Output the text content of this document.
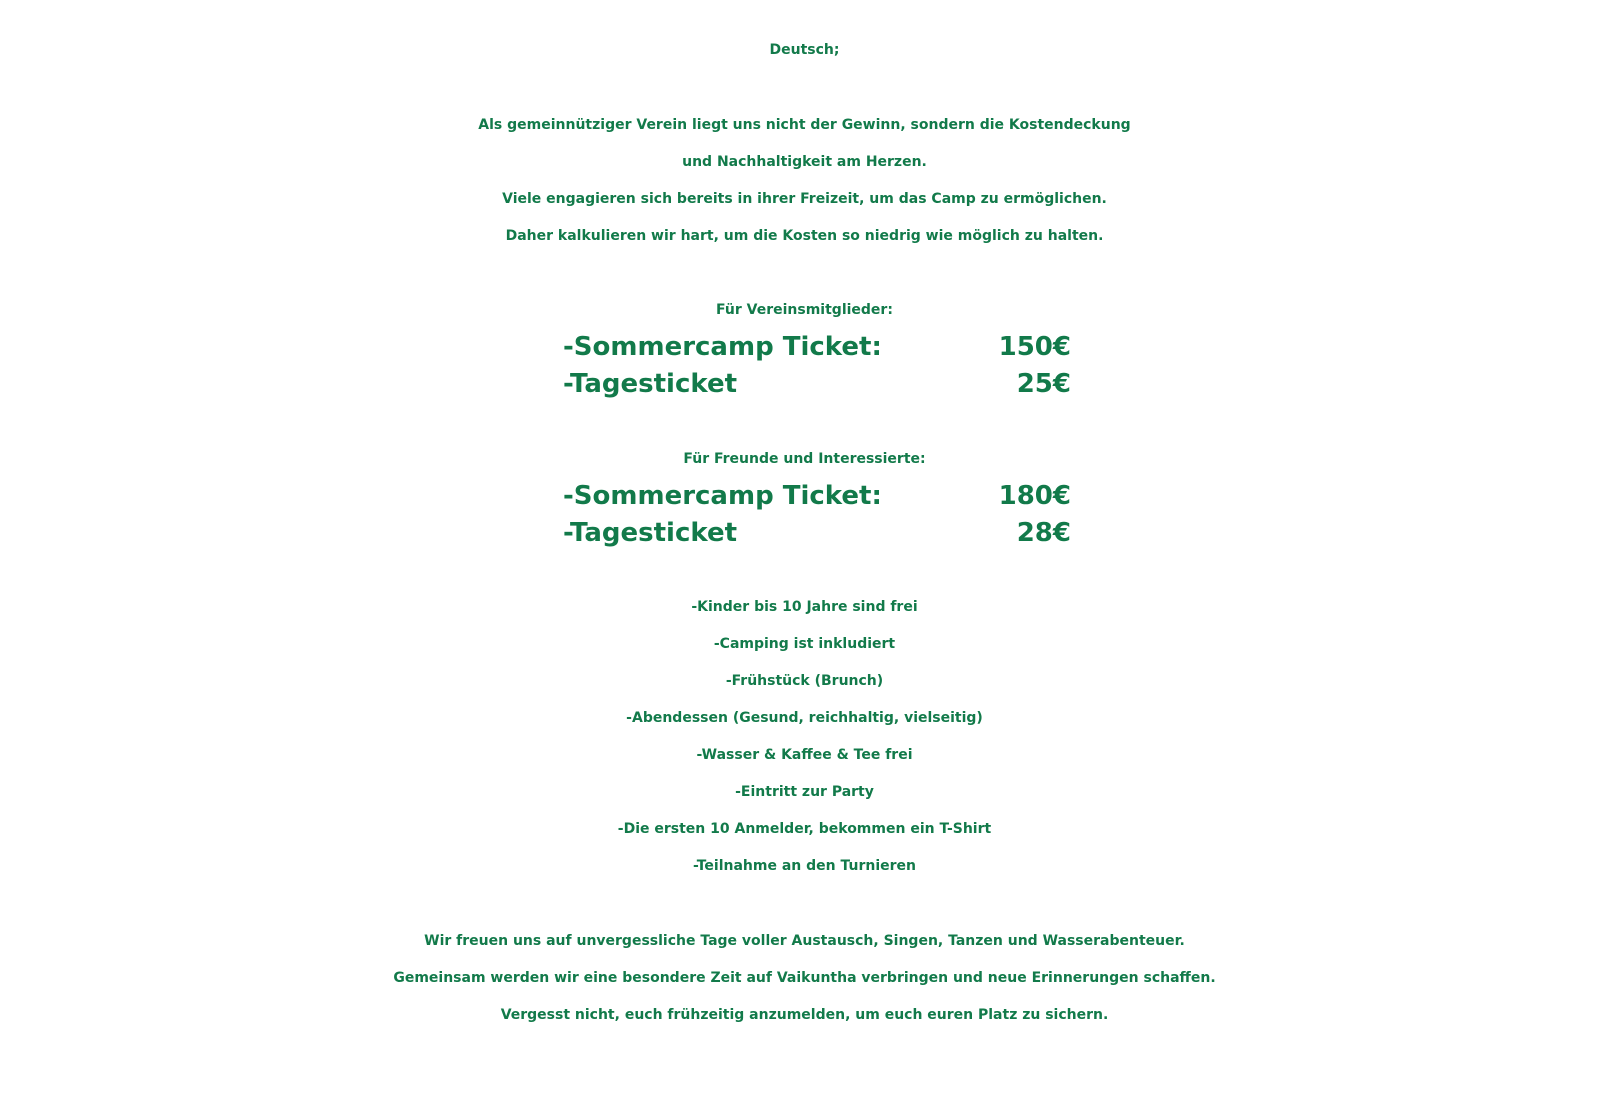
Deutsch;
Als gemeinnütziger Verein liegt uns nicht der Gewinn, sondern die Kostendeckung
und Nachhaltigkeit am Herzen.
Viele engagieren sich bereits in ihrer Freizeit, um das Camp zu ermöglichen.
Daher kalkulieren wir hart, um die Kosten so niedrig wie möglich zu halten.
Für Vereinsmitglieder:
-Sommercamp Ticket:	150€
-Tagesticket	25€
Für Freunde und Interessierte:
-Sommercamp Ticket:	180€
-Tagesticket	28€
-Kinder bis 10 Jahre sind frei
-Camping ist inkludiert
-Frühstück (Brunch)
-Abendessen (Gesund, reichhaltig, vielseitig)
-Wasser & Kaffee & Tee frei
-Eintritt zur Party
-Die ersten 10 Anmelder, bekommen ein T-Shirt
-Teilnahme an den Turnieren
Wir freuen uns auf unvergessliche Tage voller Austausch, Singen, Tanzen und Wasserabenteuer.
Gemeinsam werden wir eine besondere Zeit auf Vaikuntha verbringen und neue Erinnerungen schaffen.
Vergesst nicht, euch frühzeitig anzumelden, um euch euren Platz zu sichern.
